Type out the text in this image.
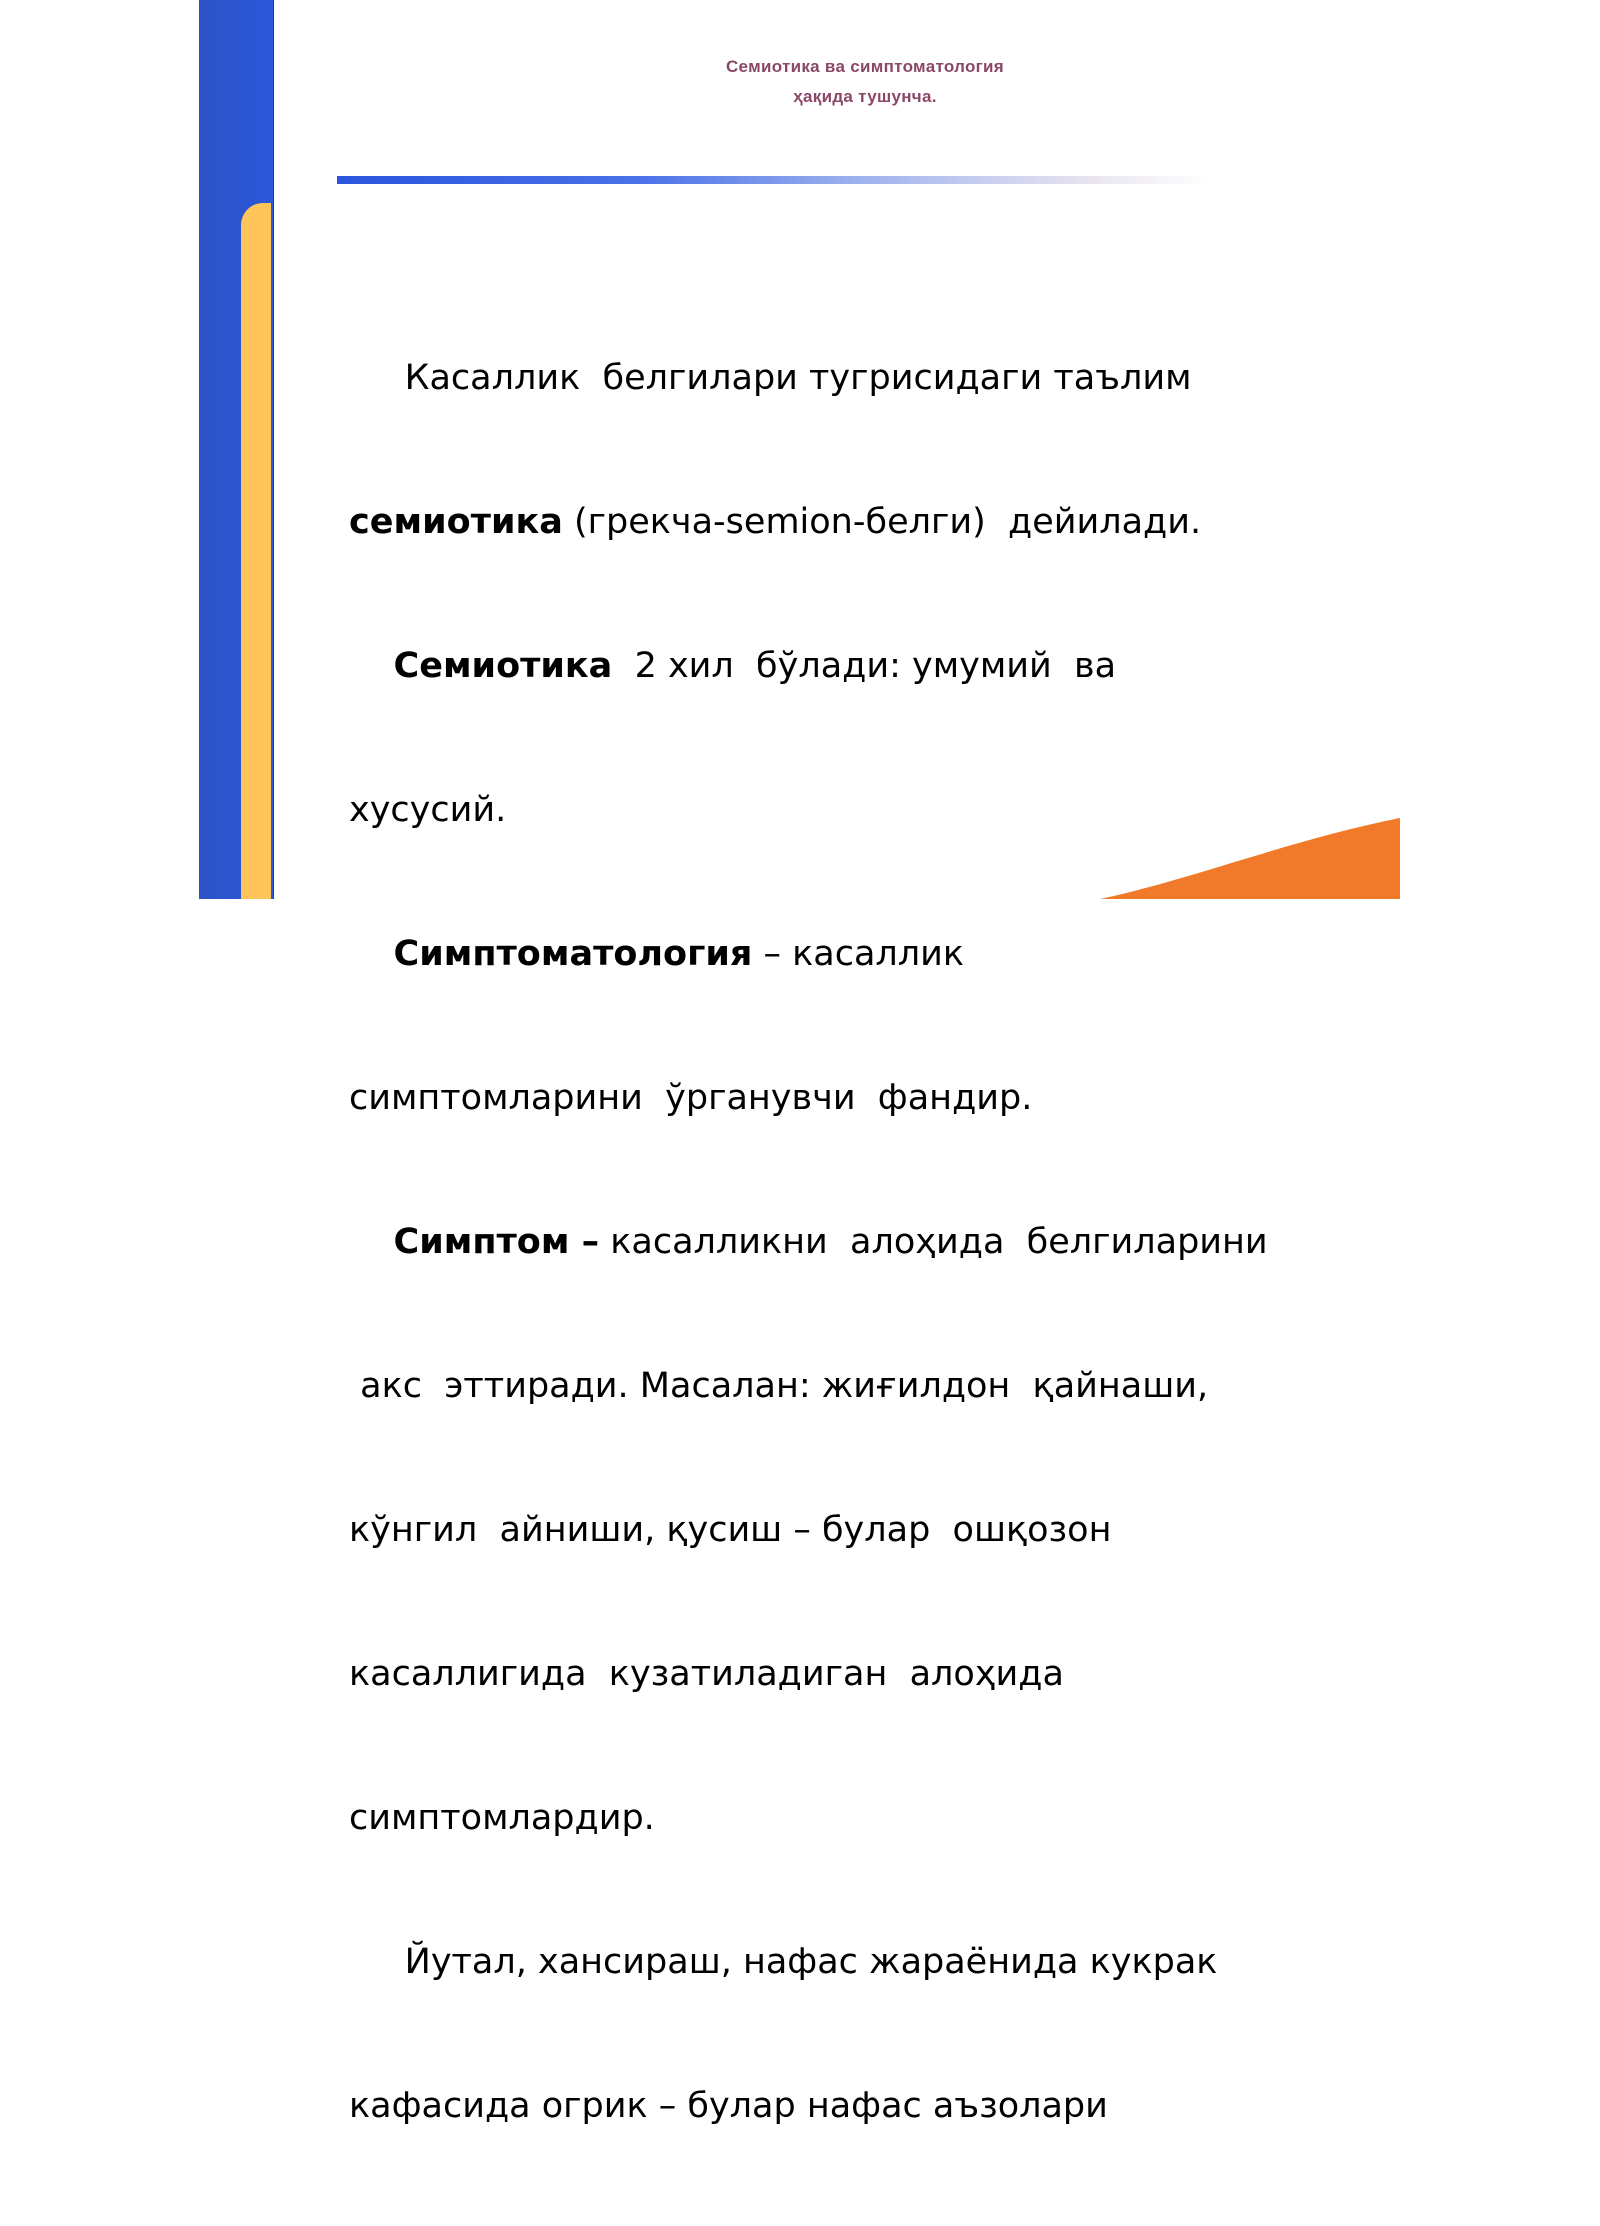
Семиотика ва симптоматология
ҳақида тушунча.

Касаллик  белгилари тугрисидаги таълим

семиотика (грекча-semion-белги)  дейилади.

Семиотика  2 хил  бўлади: умумий  ва

хусусий.

Симптоматология – касаллик

симптомларини  ўрганувчи  фандир.

Симптом – касалликни  алоҳида  белгиларини

акс  эттиради. Масалан: жиғилдон  қайнаши,

кўнгил  айниши, қусиш – булар  ошқозон

касаллигида  кузатиладиган  алоҳида

симптомлардир.

Йутал, хансираш, нафас жараёнида кукрак

кафасида огрик – булар нафас аъзолари
